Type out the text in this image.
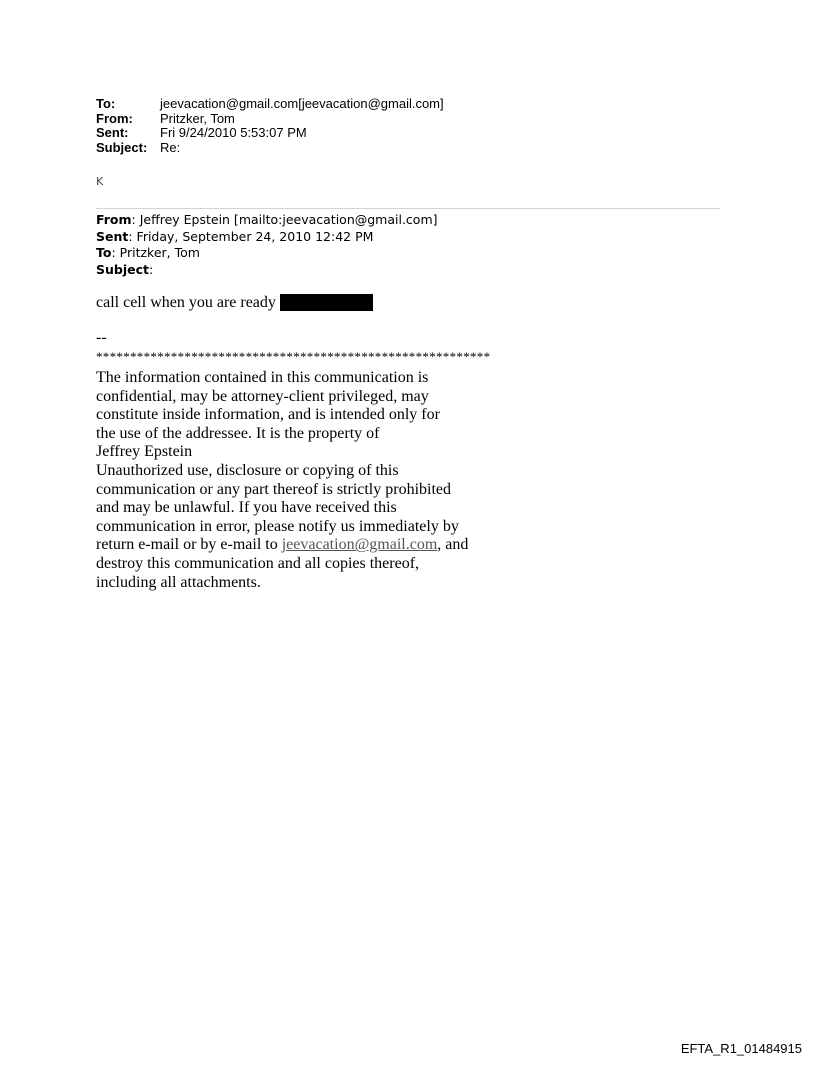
To:	jeevacation@gmail.com[jeevacation@gmail.com]
From:	Pritzker, Tom
Sent:	Fri 9/24/2010 5:53:07 PM
Subject: Re:
K
From: Jeffrey Epstein [mailto:jeevacation@gmail.com]
Sent: Friday, September 24, 2010 12:42 PM
To: Pritzker, Tom
Subject:
call cell when you are ready
--
**********************************************************
The information contained in this communication is
confidential, may be attorney-client privileged, may
constitute inside information, and is intended only for
the use of the addressee. It is the property of
Jeffrey Epstein
Unauthorized use, disclosure or copying of this
communication or any part thereof is strictly prohibited
and may be unlawful. If you have received this
communication in error, please notify us immediately by
return e-mail or by e-mail to jeevacation@gmail.com, and
destroy this communication and all copies thereof,
including all attachments.
EFTA_R1_01484915
